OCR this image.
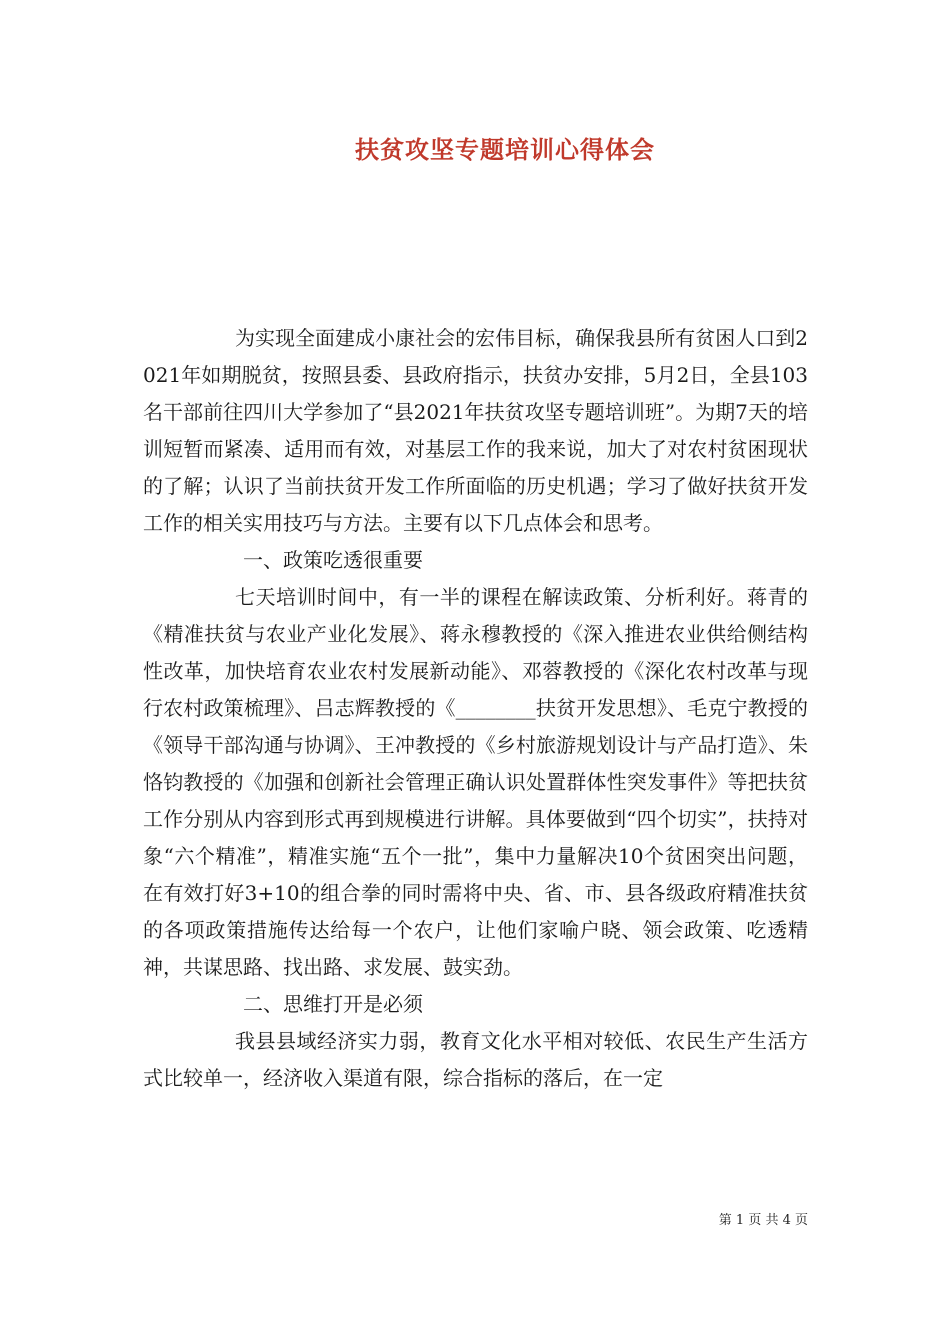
扶贫攻坚专题培训心得体会

为实现全面建成小康社会的宏伟目标，确保我县所有贫困人口到2021年如期脱贫，按照县委、县政府指示，扶贫办安排，5月2日，全县103名干部前往四川大学参加了“县2021年扶贫攻坚专题培训班”。为期7天的培训短暂而紧凑、适用而有效，对基层工作的我来说，加大了对农村贫困现状的了解；认识了当前扶贫开发工作所面临的历史机遇；学习了做好扶贫开发工作的相关实用技巧与方法。主要有以下几点体会和思考。

一、政策吃透很重要

七天培训时间中，有一半的课程在解读政策、分析利好。蒋青的《精准扶贫与农业产业化发展》、蒋永穆教授的《深入推进农业供给侧结构性改革，加快培育农业农村发展新动能》、邓蓉教授的《深化农村改革与现行农村政策梳理》、吕志辉教授的《________扶贫开发思想》、毛克宁教授的《领导干部沟通与协调》、王冲教授的《乡村旅游规划设计与产品打造》、朱恪钧教授的《加强和创新社会管理正确认识处置群体性突发事件》等把扶贫工作分别从内容到形式再到规模进行讲解。具体要做到“四个切实”，扶持对象“六个精准”，精准实施“五个一批”，集中力量解决10个贫困突出问题，在有效打好3+10的组合拳的同时需将中央、省、市、县各级政府精准扶贫的各项政策措施传达给每一个农户，让他们家喻户晓、领会政策、吃透精神，共谋思路、找出路、求发展、鼓实劲。

二、思维打开是必须

我县县域经济实力弱，教育文化水平相对较低、农民生产生活方式比较单一，经济收入渠道有限，综合指标的落后，在一定

第 1 页 共 4 页
